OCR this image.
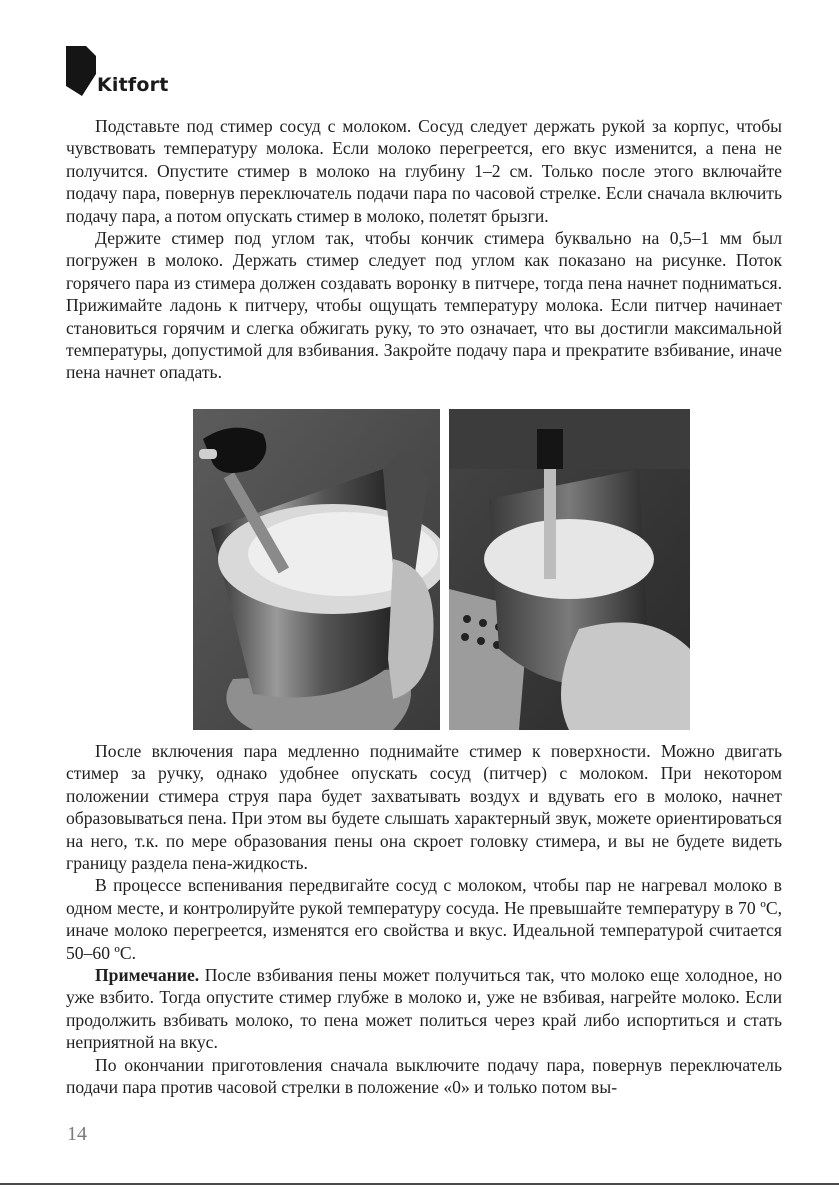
Kitfort

Подставьте под стимер сосуд с молоком. Сосуд следует держать рукой за корпус, чтобы чувствовать температуру молока. Если молоко перегреется, его вкус изменится, а пена не получится. Опустите стимер в молоко на глубину 1–2 см. Только после этого включайте подачу пара, повернув переключатель подачи пара по часовой стрелке. Если сначала включить подачу пара, а потом опускать стимер в молоко, полетят брызги.

Держите стимер под углом так, чтобы кончик стимера буквально на 0,5–1 мм был погружен в молоко. Держать стимер следует под углом как показано на рисунке. Поток горячего пара из стимера должен создавать воронку в питчере, тогда пена начнет подниматься. Прижимайте ладонь к питчеру, чтобы ощущать температуру молока. Если питчер начинает становиться горячим и слегка обжигать руку, то это означает, что вы достигли максимальной температуры, допустимой для взбивания. Закройте подачу пара и прекратите взбивание, иначе пена начнет опадать.

После включения пара медленно поднимайте стимер к поверхности. Можно двигать стимер за ручку, однако удобнее опускать сосуд (питчер) с молоком. При некотором положении стимера струя пара будет захватывать воздух и вдувать его в молоко, начнет образовываться пена. При этом вы будете слышать характерный звук, можете ориентироваться на него, т.к. по мере образования пены она скроет головку стимера, и вы не будете видеть границу раздела пена-жидкость.

В процессе вспенивания передвигайте сосуд с молоком, чтобы пар не нагревал молоко в одном месте, и контролируйте рукой температуру сосуда. Не превышайте температуру в 70 ºС, иначе молоко перегреется, изменятся его свойства и вкус. Идеальной температурой считается 50–60 ºС.

Примечание. После взбивания пены может получиться так, что молоко еще холодное, но уже взбито. Тогда опустите стимер глубже в молоко и, уже не взбивая, нагрейте молоко. Если продолжить взбивать молоко, то пена может политься через край либо испортиться и стать неприятной на вкус.

По окончании приготовления сначала выключите подачу пара, повернув переключатель подачи пара против часовой стрелки в положение «0» и только потом вы-

14
